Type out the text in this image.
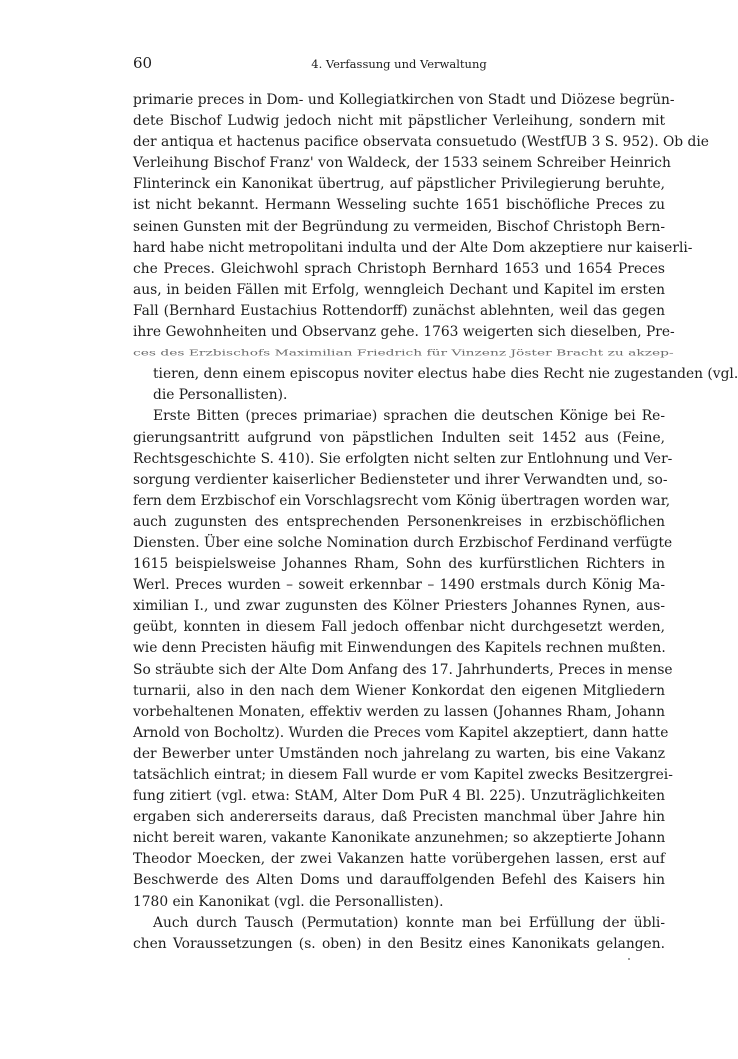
60	4. Verfassung und Verwaltung
primarie preces in Dom- und Kollegiatkirchen von Stadt und Diözese begrün-
dete Bischof Ludwig jedoch nicht mit päpstlicher Verleihung, sondern mit
der antiqua et hactenus pacifice observata consuetudo (WestfUB 3 S. 952). Ob die
Verleihung Bischof Franz' von Waldeck, der 1533 seinem Schreiber Heinrich
Flinterinck ein Kanonikat übertrug, auf päpstlicher Privilegierung beruhte,
ist nicht bekannt. Hermann Wesseling suchte 1651 bischöfliche Preces zu
seinen Gunsten mit der Begründung zu vermeiden, Bischof Christoph Bern-
hard habe nicht metropolitani indulta und der Alte Dom akzeptiere nur kaiserli-
che Preces. Gleichwohl sprach Christoph Bernhard 1653 und 1654 Preces
aus, in beiden Fällen mit Erfolg, wenngleich Dechant und Kapitel im ersten
Fall (Bernhard Eustachius Rottendorff) zunächst ablehnten, weil das gegen
ihre Gewohnheiten und Observanz gehe. 1763 weigerten sich dieselben, Pre-
ces des Erzbischofs Maximilian Friedrich für Vinzenz Jöster Bracht zu akzep-
tieren, denn einem episcopus noviter electus habe dies Recht nie zugestanden (vgl.
die Personallisten).
Erste Bitten (preces primariae) sprachen die deutschen Könige bei Re-
gierungsantritt aufgrund von päpstlichen Indulten seit 1452 aus (Feine,
Rechtsgeschichte S. 410). Sie erfolgten nicht selten zur Entlohnung und Ver-
sorgung verdienter kaiserlicher Bediensteter und ihrer Verwandten und, so-
fern dem Erzbischof ein Vorschlagsrecht vom König übertragen worden war,
auch zugunsten des entsprechenden Personenkreises in erzbischöflichen
Diensten. Über eine solche Nomination durch Erzbischof Ferdinand verfügte
1615 beispielsweise Johannes Rham, Sohn des kurfürstlichen Richters in
Werl. Preces wurden – soweit erkennbar – 1490 erstmals durch König Ma-
ximilian I., und zwar zugunsten des Kölner Priesters Johannes Rynen, aus-
geübt, konnten in diesem Fall jedoch offenbar nicht durchgesetzt werden,
wie denn Precisten häufig mit Einwendungen des Kapitels rechnen mußten.
So sträubte sich der Alte Dom Anfang des 17. Jahrhunderts, Preces in mense
turnarii, also in den nach dem Wiener Konkordat den eigenen Mitgliedern
vorbehaltenen Monaten, effektiv werden zu lassen (Johannes Rham, Johann
Arnold von Bocholtz). Wurden die Preces vom Kapitel akzeptiert, dann hatte
der Bewerber unter Umständen noch jahrelang zu warten, bis eine Vakanz
tatsächlich eintrat; in diesem Fall wurde er vom Kapitel zwecks Besitzergrei-
fung zitiert (vgl. etwa: StAM, Alter Dom PuR 4 Bl. 225). Unzuträglichkeiten
ergaben sich andererseits daraus, daß Precisten manchmal über Jahre hin
nicht bereit waren, vakante Kanonikate anzunehmen; so akzeptierte Johann
Theodor Moecken, der zwei Vakanzen hatte vorübergehen lassen, erst auf
Beschwerde des Alten Doms und darauffolgenden Befehl des Kaisers hin
1780 ein Kanonikat (vgl. die Personallisten).
Auch durch Tausch (Permutation) konnte man bei Erfüllung der übli-
chen Voraussetzungen (s. oben) in den Besitz eines Kanonikats gelangen.
